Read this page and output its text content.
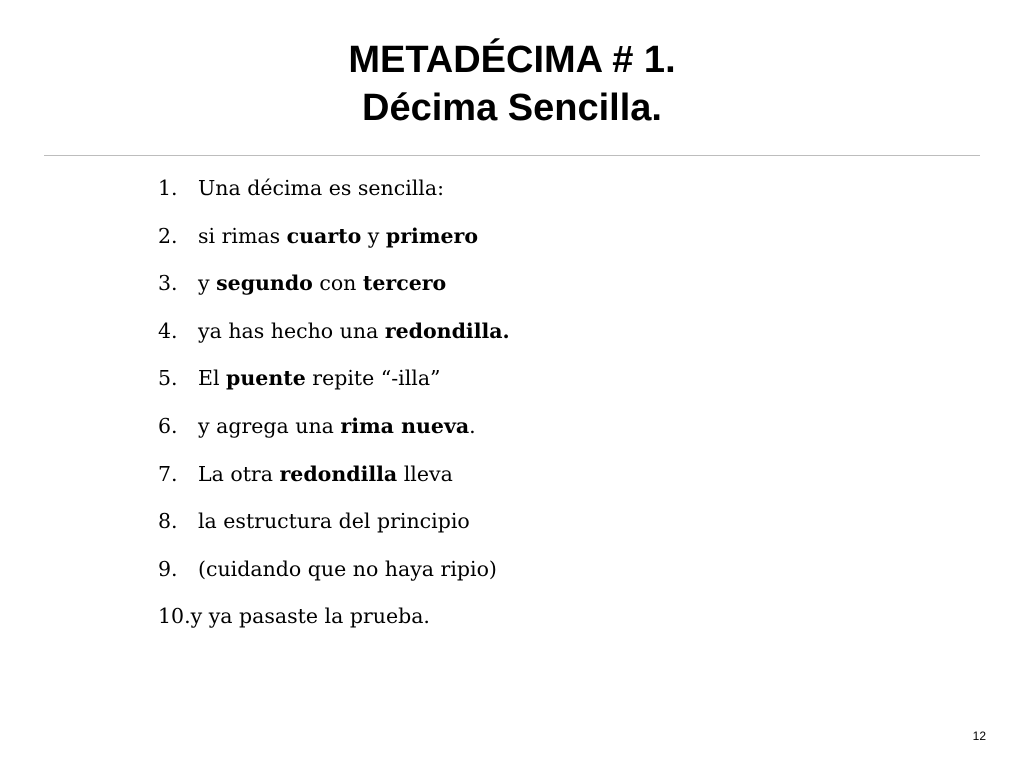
METADÉCIMA # 1.
Décima Sencilla.
1. Una décima es sencilla:
2. si rimas cuarto y primero
3. y segundo con tercero
4. ya has hecho una redondilla.
5. El puente repite “-illa”
6. y agrega una rima nueva.
7. La otra redondilla lleva
8. la estructura del principio
9. (cuidando que no haya ripio)
10. y ya pasaste la prueba.
12
